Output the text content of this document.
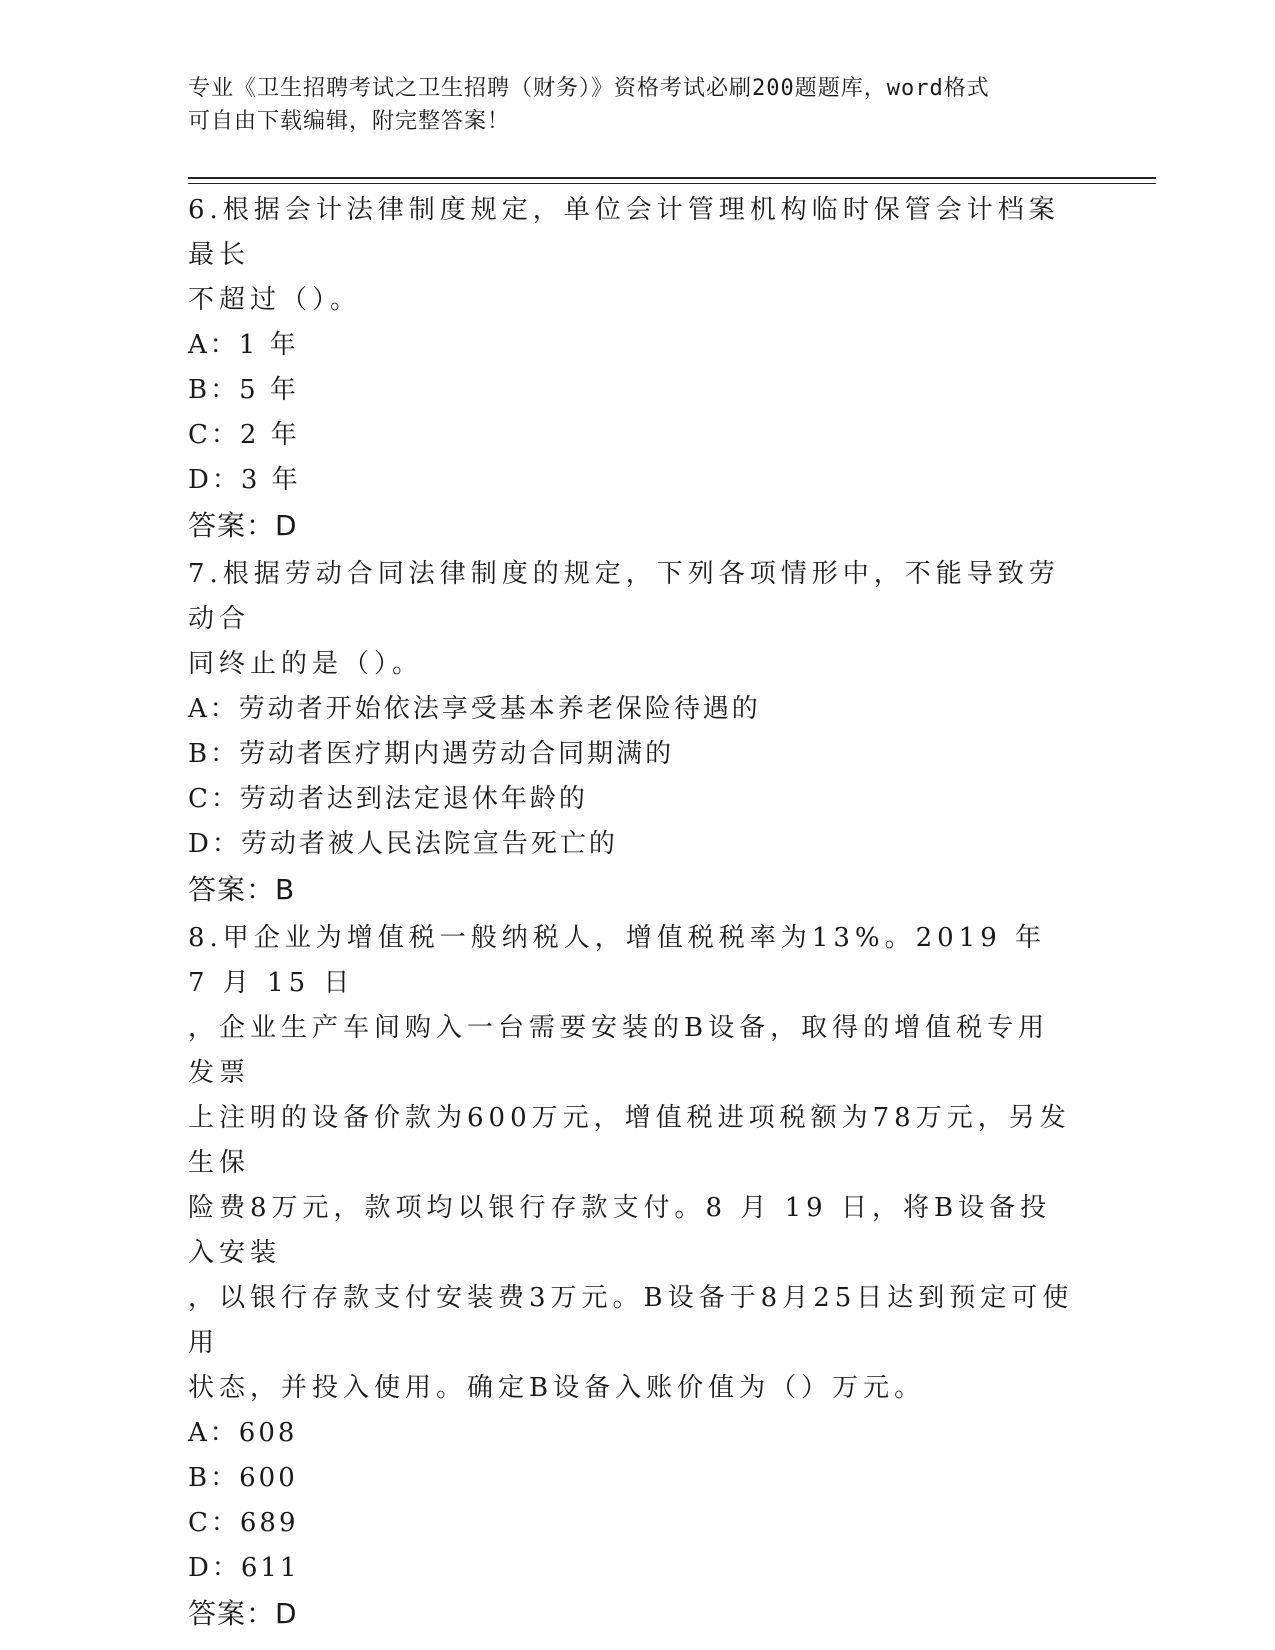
专业《卫生招聘考试之卫生招聘（财务）》资格考试必刷200题题库，word格式
可自由下载编辑，附完整答案！

6.根据会计法律制度规定，单位会计管理机构临时保管会计档案最长
不超过（）。

A：1 年
B：5 年
C：2 年
D：3 年
答案：D

7.根据劳动合同法律制度的规定，下列各项情形中，不能导致劳动合
同终止的是（）。

A：劳动者开始依法享受基本养老保险待遇的
B：劳动者医疗期内遇劳动合同期满的
C：劳动者达到法定退休年龄的
D：劳动者被人民法院宣告死亡的
答案：B

8.甲企业为增值税一般纳税人，增值税税率为13%。2019 年 7 月 15 日
，企业生产车间购入一台需要安装的B设备，取得的增值税专用发票
上注明的设备价款为600万元，增值税进项税额为78万元，另发生保
险费8万元，款项均以银行存款支付。8 月 19 日，将B设备投入安装
，以银行存款支付安装费3万元。B设备于8月25日达到预定可使用
状态，并投入使用。确定B设备入账价值为（）万元。

A：608
B：600
C：689
D：611
答案：D
